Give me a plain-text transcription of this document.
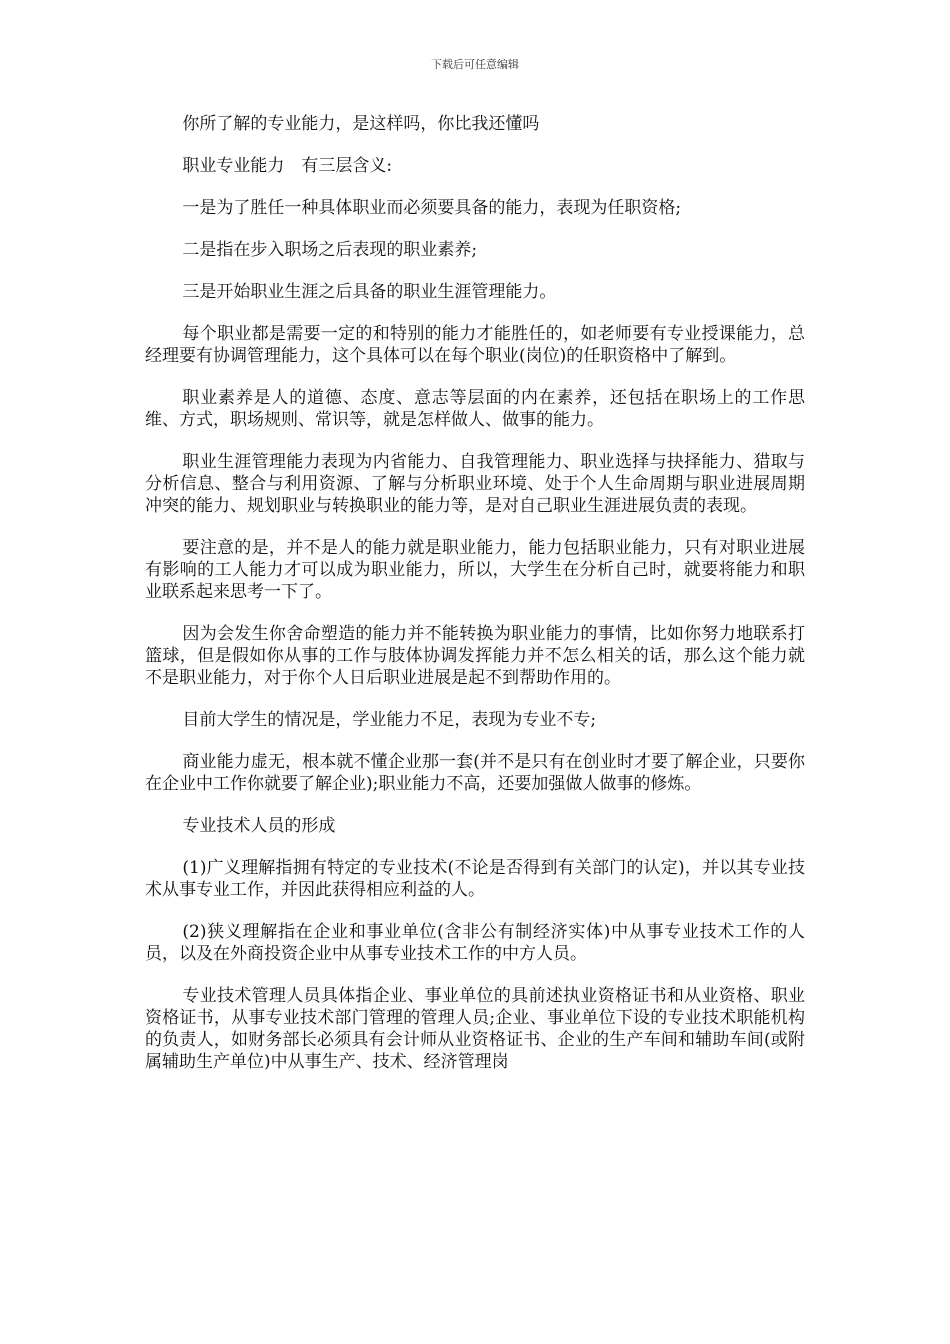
下载后可任意编辑

你所了解的专业能力，是这样吗，你比我还懂吗

职业专业能力　有三层含义:

一是为了胜任一种具体职业而必须要具备的能力，表现为任职资格;

二是指在步入职场之后表现的职业素养;

三是开始职业生涯之后具备的职业生涯管理能力。

每个职业都是需要一定的和特别的能力才能胜任的，如老师要有专业授课能力，总经理要有协调管理能力，这个具体可以在每个职业(岗位)的任职资格中了解到。

职业素养是人的道德、态度、意志等层面的内在素养，还包括在职场上的工作思维、方式，职场规则、常识等，就是怎样做人、做事的能力。

职业生涯管理能力表现为内省能力、自我管理能力、职业选择与抉择能力、猎取与分析信息、整合与利用资源、了解与分析职业环境、处于个人生命周期与职业进展周期冲突的能力、规划职业与转换职业的能力等，是对自己职业生涯进展负责的表现。

要注意的是，并不是人的能力就是职业能力，能力包括职业能力，只有对职业进展有影响的工人能力才可以成为职业能力，所以，大学生在分析自己时，就要将能力和职业联系起来思考一下了。

因为会发生你舍命塑造的能力并不能转换为职业能力的事情，比如你努力地联系打篮球，但是假如你从事的工作与肢体协调发挥能力并不怎么相关的话，那么这个能力就不是职业能力，对于你个人日后职业进展是起不到帮助作用的。

目前大学生的情况是，学业能力不足，表现为专业不专;

商业能力虚无，根本就不懂企业那一套(并不是只有在创业时才要了解企业，只要你在企业中工作你就要了解企业);职业能力不高，还要加强做人做事的修炼。

专业技术人员的形成

(1)广义理解指拥有特定的专业技术(不论是否得到有关部门的认定)，并以其专业技术从事专业工作，并因此获得相应利益的人。

(2)狭义理解指在企业和事业单位(含非公有制经济实体)中从事专业技术工作的人员，以及在外商投资企业中从事专业技术工作的中方人员。

专业技术管理人员具体指企业、事业单位的具前述执业资格证书和从业资格、职业资格证书，从事专业技术部门管理的管理人员;企业、事业单位下设的专业技术职能机构的负责人，如财务部长必须具有会计师从业资格证书、企业的生产车间和辅助车间(或附属辅助生产单位)中从事生产、技术、经济管理岗
